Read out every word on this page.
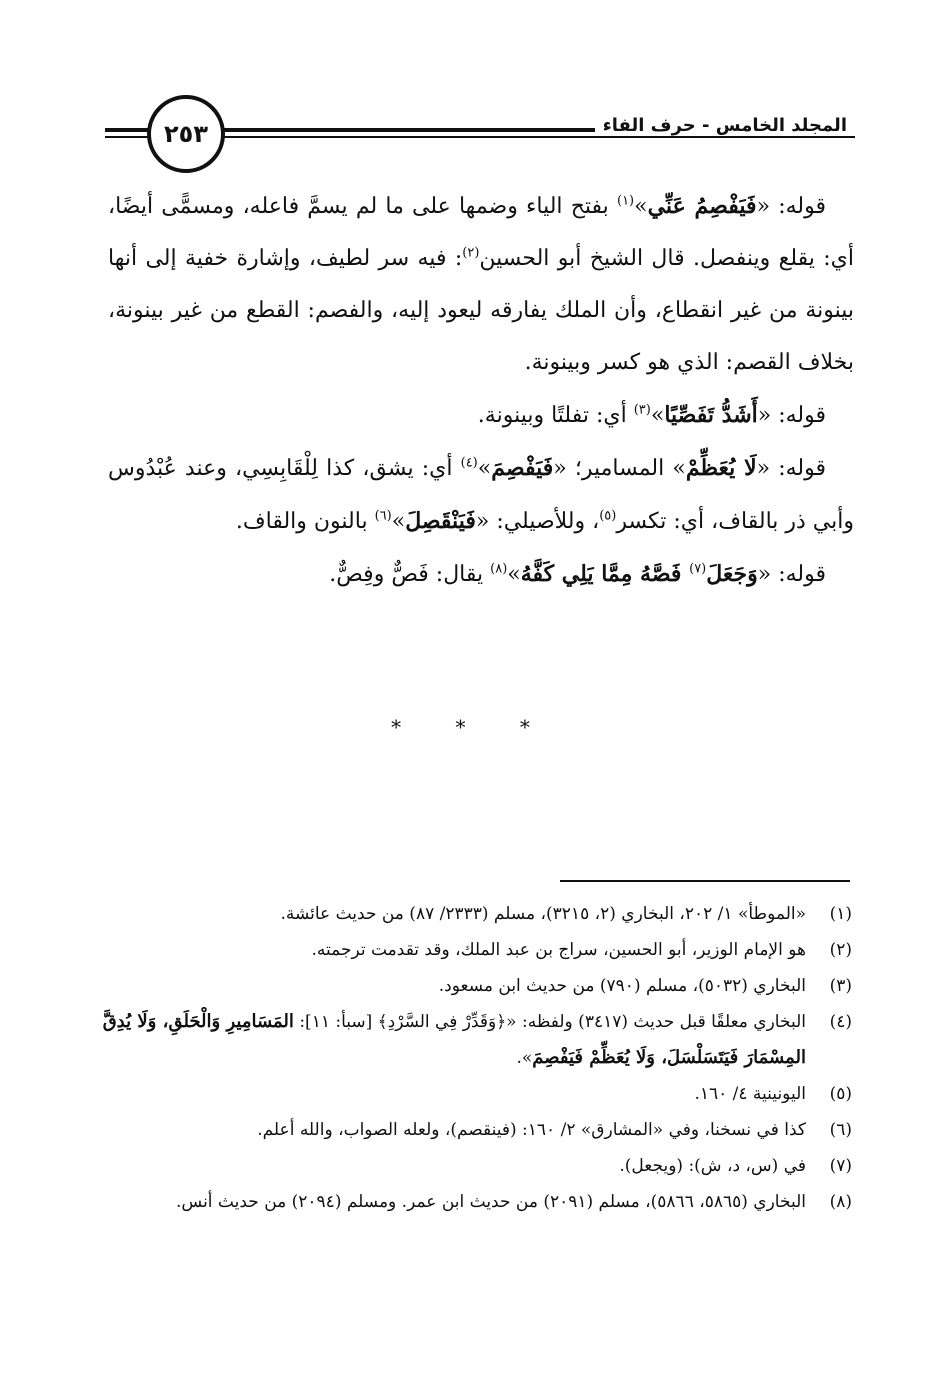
المجلد الخامس - حرف الفاء
٢٥٣

قوله: «فَيَفْصِمُ عَنِّي»$^{(١)}$ بفتح الياء وضمها على ما لم يسمَّ فاعله، ومسمًّى أيضًا، أي: يقلع وينفصل. قال الشيخ أبو الحسين$^{(٢)}$: فيه سر لطيف، وإشارة خفية إلى أنها بينونة من غير انقطاع، وأن الملك يفارقه ليعود إليه، والفصم: القطع من غير بينونة، بخلاف القصم: الذي هو كسر وبينونة.

قوله: «أَشَدُّ تَفَصِّيًا»$^{(٣)}$ أي: تفلتًا وبينونة.

قوله: «لَا يُعَظِّمْ» المسامير؛ «فَيَفْصِمَ»$^{(٤)}$ أي: يشق، كذا لِلْقَابِسِي، وعند عُبْدُوس وأبي ذر بالقاف، أي: تكسر$^{(٥)}$، وللأصيلي: «فَيَنْقَصِلَ»$^{(٦)}$ بالنون والقاف.

قوله: «وَجَعَلَ$^{(٧)}$ فَصَّهُ مِمَّا يَلِي كَفَّهُ»$^{(٨)}$ يقال: فَصٌّ وفِصٌّ.

* * *
(١)
«الموطأ» ١/ ٢٠٢، البخاري (٢، ٣٢١٥)، مسلم (٢٣٣٣/ ٨٧) من حديث عائشة.
(٢)
هو الإمام الوزير، أبو الحسين، سراج بن عبد الملك، وقد تقدمت ترجمته.
(٣)
البخاري (٥٠٣٢)، مسلم (٧٩٠) من حديث ابن مسعود.
(٤)
البخاري معلقًا قبل حديث (٣٤١٧) ولفظه: «﴿وَقَدِّرْ فِي السَّرْدِ﴾ [سبأ: ١١]: المَسَامِيرِ وَالْحَلَقِ، وَلَا يُدِقَّ المِسْمَارَ فَيَتَسَلْسَلَ، وَلَا يُعَظِّمْ فَيَفْصِمَ».
(٥)
اليونينية ٤/ ١٦٠.
(٦)
كذا في نسخنا، وفي «المشارق» ٢/ ١٦٠: (فينقصم)، ولعله الصواب، والله أعلم.
(٧)
في (س، د، ش): (ويجعل).
(٨)
البخاري (٥٨٦٥، ٥٨٦٦)، مسلم (٢٠٩١) من حديث ابن عمر. ومسلم (٢٠٩٤) من حديث أنس.
